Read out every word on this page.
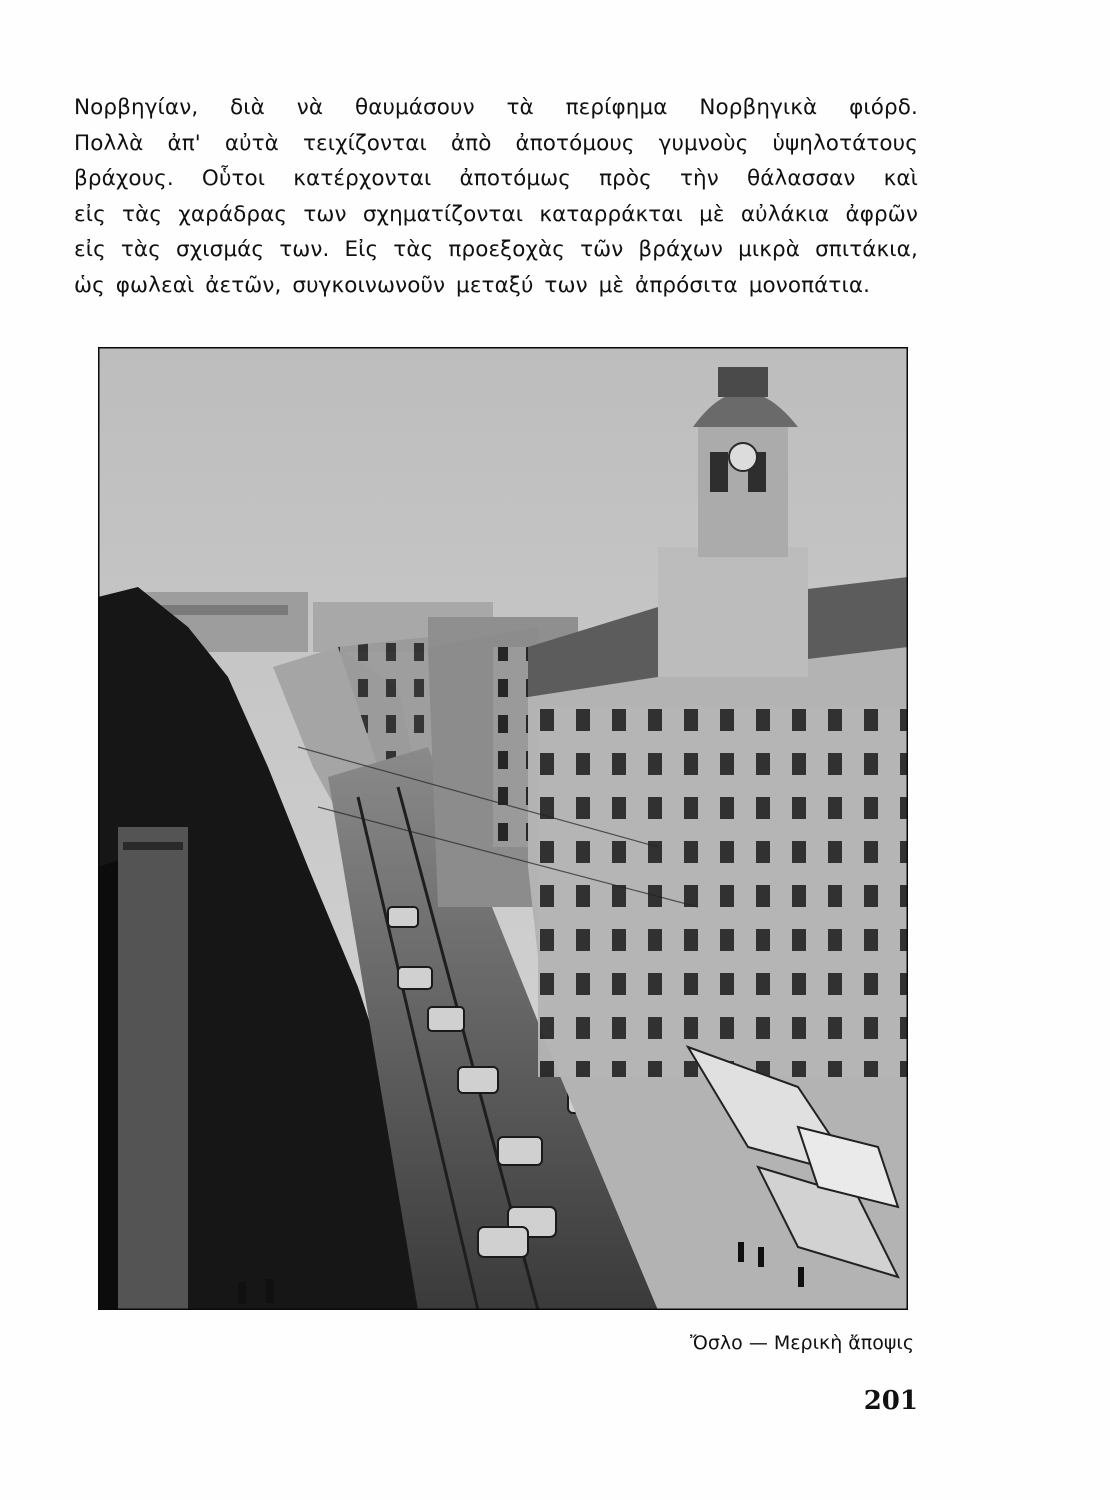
Νορβηγίαν, διὰ νὰ θαυμάσουν τὰ περίφημα Νορβηγικὰ φιόρδ.
Πολλὰ ἀπ' αὐτὰ τειχίζονται ἀπὸ ἀποτόμους γυμνοὺς ὑψηλοτάτους
βράχους. Οὗτοι κατέρχονται ἀποτόμως πρὸς τὴν θάλασσαν καὶ
εἰς τὰς χαράδρας των σχηματίζονται καταρράκται μὲ αὐλάκια ἀφρῶν
εἰς τὰς σχισμάς των. Εἰς τὰς προεξοχὰς τῶν βράχων μικρὰ σπιτάκια,
ὡς φωλεαὶ ἀετῶν, συγκοινωνοῦν μεταξύ των μὲ ἀπρόσιτα μονοπάτια.
Ὄσλο — Μερικὴ ἄποψις
201
